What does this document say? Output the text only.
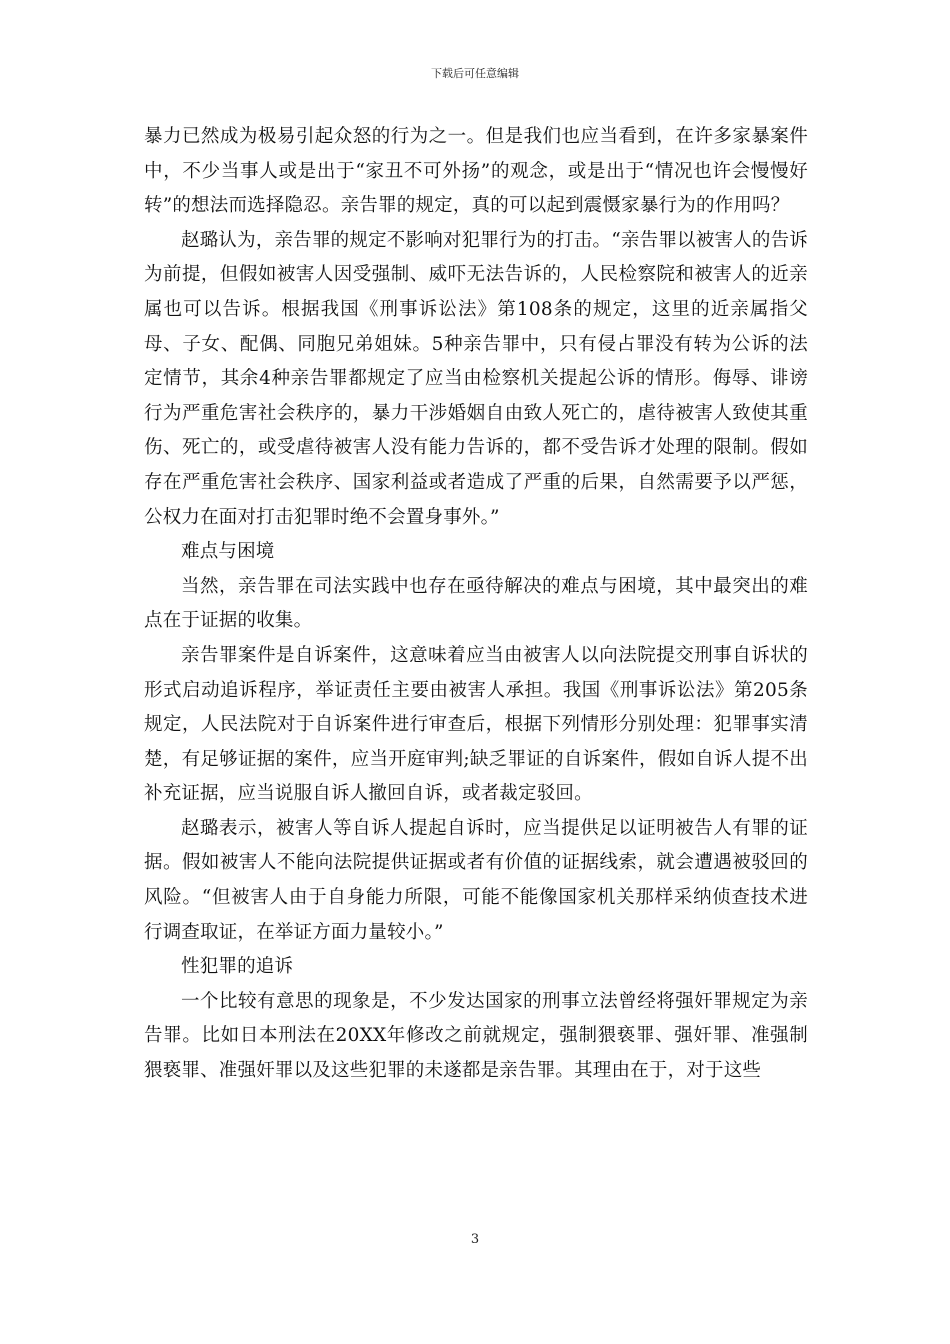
下载后可任意编辑

暴力已然成为极易引起众怒的行为之一。但是我们也应当看到，在许多家暴案件中，不少当事人或是出于“家丑不可外扬”的观念，或是出于“情况也许会慢慢好转”的想法而选择隐忍。亲告罪的规定，真的可以起到震慑家暴行为的作用吗？

赵璐认为，亲告罪的规定不影响对犯罪行为的打击。“亲告罪以被害人的告诉为前提，但假如被害人因受强制、威吓无法告诉的，人民检察院和被害人的近亲属也可以告诉。根据我国《刑事诉讼法》第108条的规定，这里的近亲属指父母、子女、配偶、同胞兄弟姐妹。5种亲告罪中，只有侵占罪没有转为公诉的法定情节，其余4种亲告罪都规定了应当由检察机关提起公诉的情形。侮辱、诽谤行为严重危害社会秩序的，暴力干涉婚姻自由致人死亡的，虐待被害人致使其重伤、死亡的，或受虐待被害人没有能力告诉的，都不受告诉才处理的限制。假如存在严重危害社会秩序、国家利益或者造成了严重的后果，自然需要予以严惩，公权力在面对打击犯罪时绝不会置身事外。”

难点与困境

当然，亲告罪在司法实践中也存在亟待解决的难点与困境，其中最突出的难点在于证据的收集。

亲告罪案件是自诉案件，这意味着应当由被害人以向法院提交刑事自诉状的形式启动追诉程序，举证责任主要由被害人承担。我国《刑事诉讼法》第205条规定，人民法院对于自诉案件进行审查后，根据下列情形分别处理：犯罪事实清楚，有足够证据的案件，应当开庭审判;缺乏罪证的自诉案件，假如自诉人提不出补充证据，应当说服自诉人撤回自诉，或者裁定驳回。

赵璐表示，被害人等自诉人提起自诉时，应当提供足以证明被告人有罪的证据。假如被害人不能向法院提供证据或者有价值的证据线索，就会遭遇被驳回的风险。“但被害人由于自身能力所限，可能不能像国家机关那样采纳侦查技术进行调查取证，在举证方面力量较小。”

性犯罪的追诉

一个比较有意思的现象是，不少发达国家的刑事立法曾经将强奸罪规定为亲告罪。比如日本刑法在20XX年修改之前就规定，强制猥亵罪、强奸罪、准强制猥亵罪、准强奸罪以及这些犯罪的未遂都是亲告罪。其理由在于，对于这些

3
